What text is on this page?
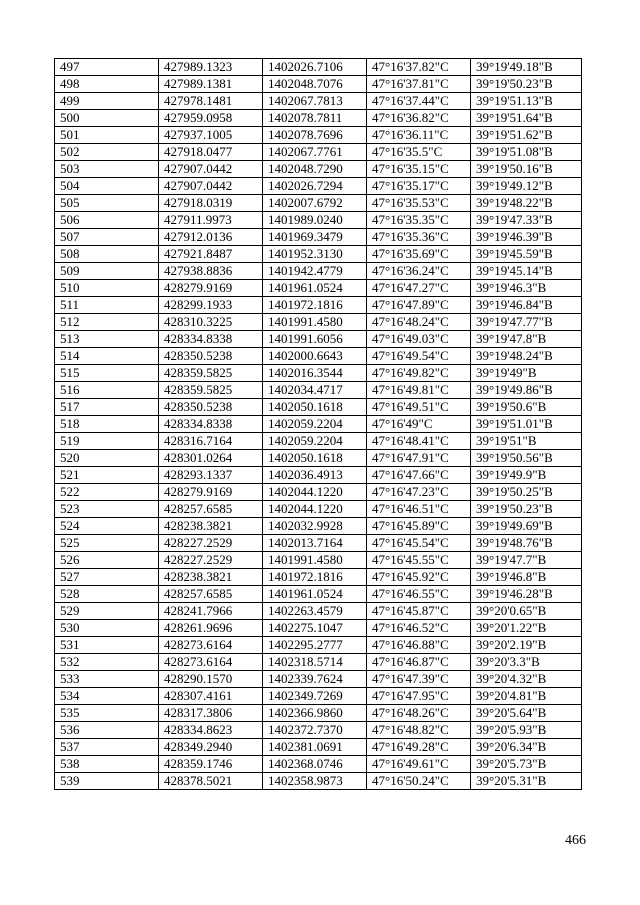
497	427989.1323	1402026.7106	47°16'37.82"С	39°19'49.18"В
498	427989.1381	1402048.7076	47°16'37.81"С	39°19'50.23"В
499	427978.1481	1402067.7813	47°16'37.44"С	39°19'51.13"В
500	427959.0958	1402078.7811	47°16'36.82"С	39°19'51.64"В
501	427937.1005	1402078.7696	47°16'36.11"С	39°19'51.62"В
502	427918.0477	1402067.7761	47°16'35.5"С	39°19'51.08"В
503	427907.0442	1402048.7290	47°16'35.15"С	39°19'50.16"В
504	427907.0442	1402026.7294	47°16'35.17"С	39°19'49.12"В
505	427918.0319	1402007.6792	47°16'35.53"С	39°19'48.22"В
506	427911.9973	1401989.0240	47°16'35.35"С	39°19'47.33"В
507	427912.0136	1401969.3479	47°16'35.36"С	39°19'46.39"В
508	427921.8487	1401952.3130	47°16'35.69"С	39°19'45.59"В
509	427938.8836	1401942.4779	47°16'36.24"С	39°19'45.14"В
510	428279.9169	1401961.0524	47°16'47.27"С	39°19'46.3"В
511	428299.1933	1401972.1816	47°16'47.89"С	39°19'46.84"В
512	428310.3225	1401991.4580	47°16'48.24"С	39°19'47.77"В
513	428334.8338	1401991.6056	47°16'49.03"С	39°19'47.8"В
514	428350.5238	1402000.6643	47°16'49.54"С	39°19'48.24"В
515	428359.5825	1402016.3544	47°16'49.82"С	39°19'49"В
516	428359.5825	1402034.4717	47°16'49.81"С	39°19'49.86"В
517	428350.5238	1402050.1618	47°16'49.51"С	39°19'50.6"В
518	428334.8338	1402059.2204	47°16'49"С	39°19'51.01"В
519	428316.7164	1402059.2204	47°16'48.41"С	39°19'51"В
520	428301.0264	1402050.1618	47°16'47.91"С	39°19'50.56"В
521	428293.1337	1402036.4913	47°16'47.66"С	39°19'49.9"В
522	428279.9169	1402044.1220	47°16'47.23"С	39°19'50.25"В
523	428257.6585	1402044.1220	47°16'46.51"С	39°19'50.23"В
524	428238.3821	1402032.9928	47°16'45.89"С	39°19'49.69"В
525	428227.2529	1402013.7164	47°16'45.54"С	39°19'48.76"В
526	428227.2529	1401991.4580	47°16'45.55"С	39°19'47.7"В
527	428238.3821	1401972.1816	47°16'45.92"С	39°19'46.8"В
528	428257.6585	1401961.0524	47°16'46.55"С	39°19'46.28"В
529	428241.7966	1402263.4579	47°16'45.87"С	39°20'0.65"В
530	428261.9696	1402275.1047	47°16'46.52"С	39°20'1.22"В
531	428273.6164	1402295.2777	47°16'46.88"С	39°20'2.19"В
532	428273.6164	1402318.5714	47°16'46.87"С	39°20'3.3"В
533	428290.1570	1402339.7624	47°16'47.39"С	39°20'4.32"В
534	428307.4161	1402349.7269	47°16'47.95"С	39°20'4.81"В
535	428317.3806	1402366.9860	47°16'48.26"С	39°20'5.64"В
536	428334.8623	1402372.7370	47°16'48.82"С	39°20'5.93"В
537	428349.2940	1402381.0691	47°16'49.28"С	39°20'6.34"В
538	428359.1746	1402368.0746	47°16'49.61"С	39°20'5.73"В
539	428378.5021	1402358.9873	47°16'50.24"С	39°20'5.31"В
466
